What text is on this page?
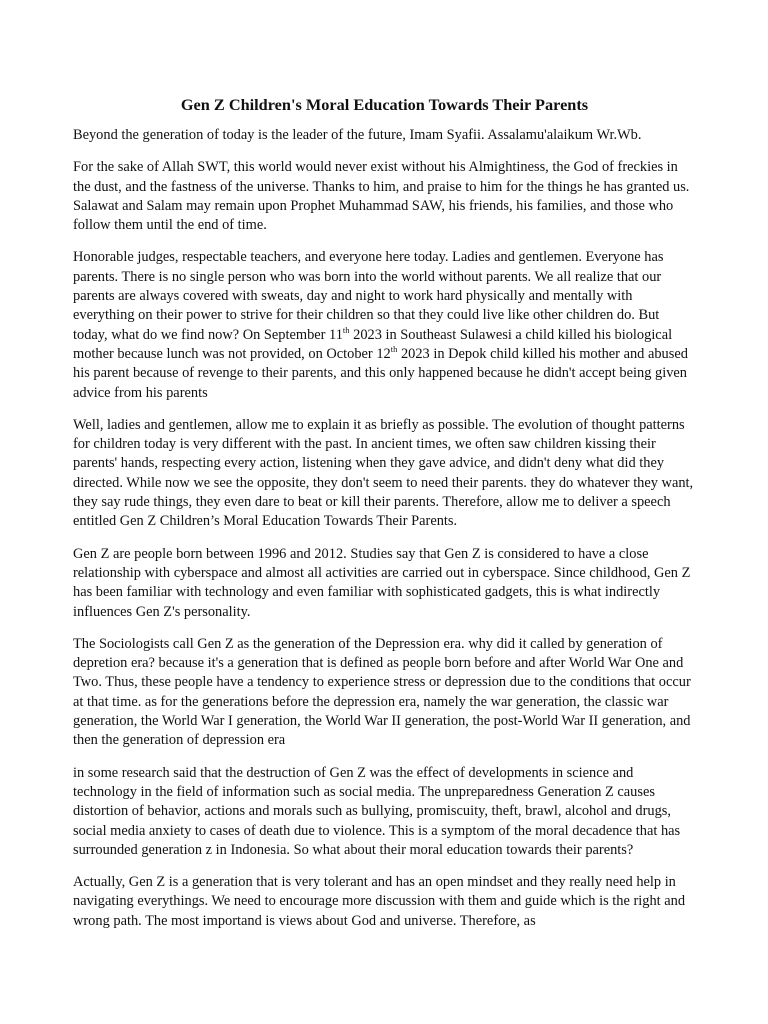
Gen Z Children's Moral Education Towards Their Parents

Beyond the generation of today is the leader of the future, Imam Syafii. Assalamu'alaikum Wr.Wb.

For the sake of Allah SWT, this world would never exist without his Almightiness, the God of freckies in the dust, and the fastness of the universe. Thanks to him, and praise to him for the things he has granted us. Salawat and Salam may remain upon Prophet Muhammad SAW, his friends, his families, and those who follow them until the end of time.

Honorable judges, respectable teachers, and everyone here today. Ladies and gentlemen. Everyone has parents. There is no single person who was born into the world without parents. We all realize that our parents are always covered with sweats, day and night to work hard physically and mentally with everything on their power to strive for their children so that they could live like other children do. But today, what do we find now? On September 11th 2023 in Southeast Sulawesi a child killed his biological mother because lunch was not provided, on October 12th 2023 in Depok child killed his mother and abused his parent because of revenge to their parents, and this only happened because he didn't accept being given advice from his parents

Well, ladies and gentlemen, allow me to explain it as briefly as possible. The evolution of thought patterns for children today is very different with the past. In ancient times, we often saw children kissing their parents' hands, respecting every action, listening when they gave advice, and didn't deny what did they directed. While now we see the opposite, they don't seem to need their parents. they do whatever they want, they say rude things, they even dare to beat or kill their parents. Therefore, allow me to deliver a speech entitled Gen Z Children’s Moral Education Towards Their Parents.

Gen Z are people born between 1996 and 2012. Studies say that Gen Z is considered to have a close relationship with cyberspace and almost all activities are carried out in cyberspace. Since childhood, Gen Z has been familiar with technology and even familiar with sophisticated gadgets, this is what indirectly influences Gen Z's personality.

The Sociologists call Gen Z as the generation of the Depression era. why did it called by generation of depretion era? because it's a generation that is defined as people born before and after World War One and Two. Thus, these people have a tendency to experience stress or depression due to the conditions that occur at that time. as for the generations before the depression era, namely the war generation, the classic war generation, the World War I generation, the World War II generation, the post-World War II generation, and then the generation of depression era

in some research said that the destruction of Gen Z was the effect of developments in science and technology in the field of information such as social media. The unpreparedness Generation Z causes distortion of behavior, actions and morals such as bullying, promiscuity, theft, brawl, alcohol and drugs, social media anxiety to cases of death due to violence. This is a symptom of the moral decadence that has surrounded generation z in Indonesia. So what about their moral education towards their parents?

Actually, Gen Z is a generation that is very tolerant and has an open mindset and they really need help in navigating everythings. We need to encourage more discussion with them and guide which is the right and wrong path. The most importand is views about God and universe. Therefore, as
